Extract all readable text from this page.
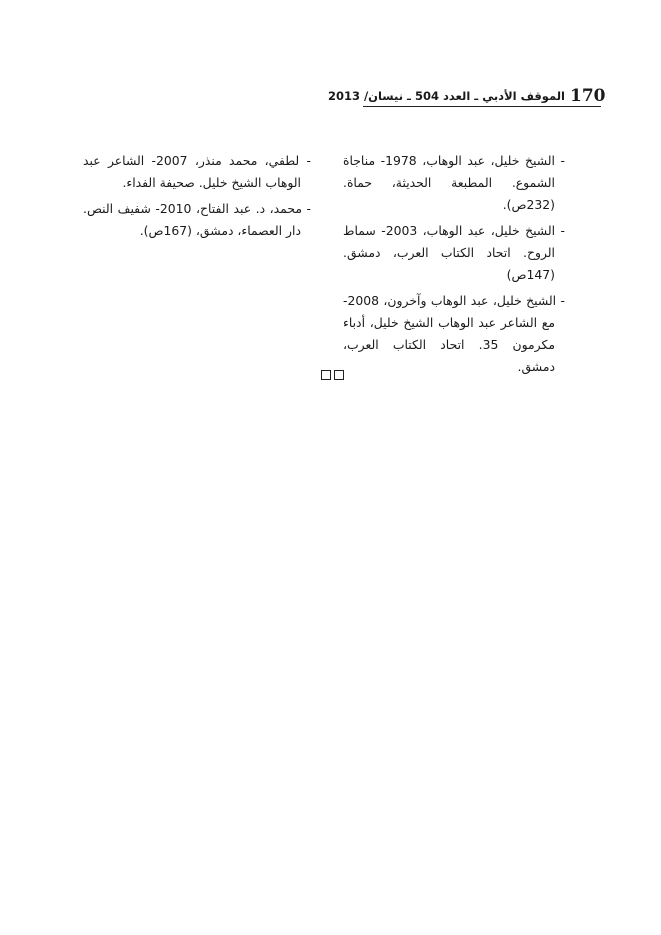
170
الموقف الأدبي ـ العدد 504 ـ نيسان/ 2013

- الشيخ خليل، عبد الوهاب، 1978- مناجاة الشموع. المطبعة الحديثة، حماة. (232ص).

- الشيخ خليل، عبد الوهاب، 2003- سماط الروح. اتحاد الكتاب العرب، دمشق. (147ص)

- الشيخ خليل، عبد الوهاب وآخرون، 2008- مع الشاعر عبد الوهاب الشيخ خليل، أدباء مكرمون 35. اتحاد الكتاب العرب، دمشق.

- لطفي، محمد منذر، 2007- الشاعر عبد الوهاب الشيخ خليل. صحيفة الفداء.

- محمد، د. عبد الفتاح، 2010- شفيف النص. دار العصماء، دمشق، (167ص).
